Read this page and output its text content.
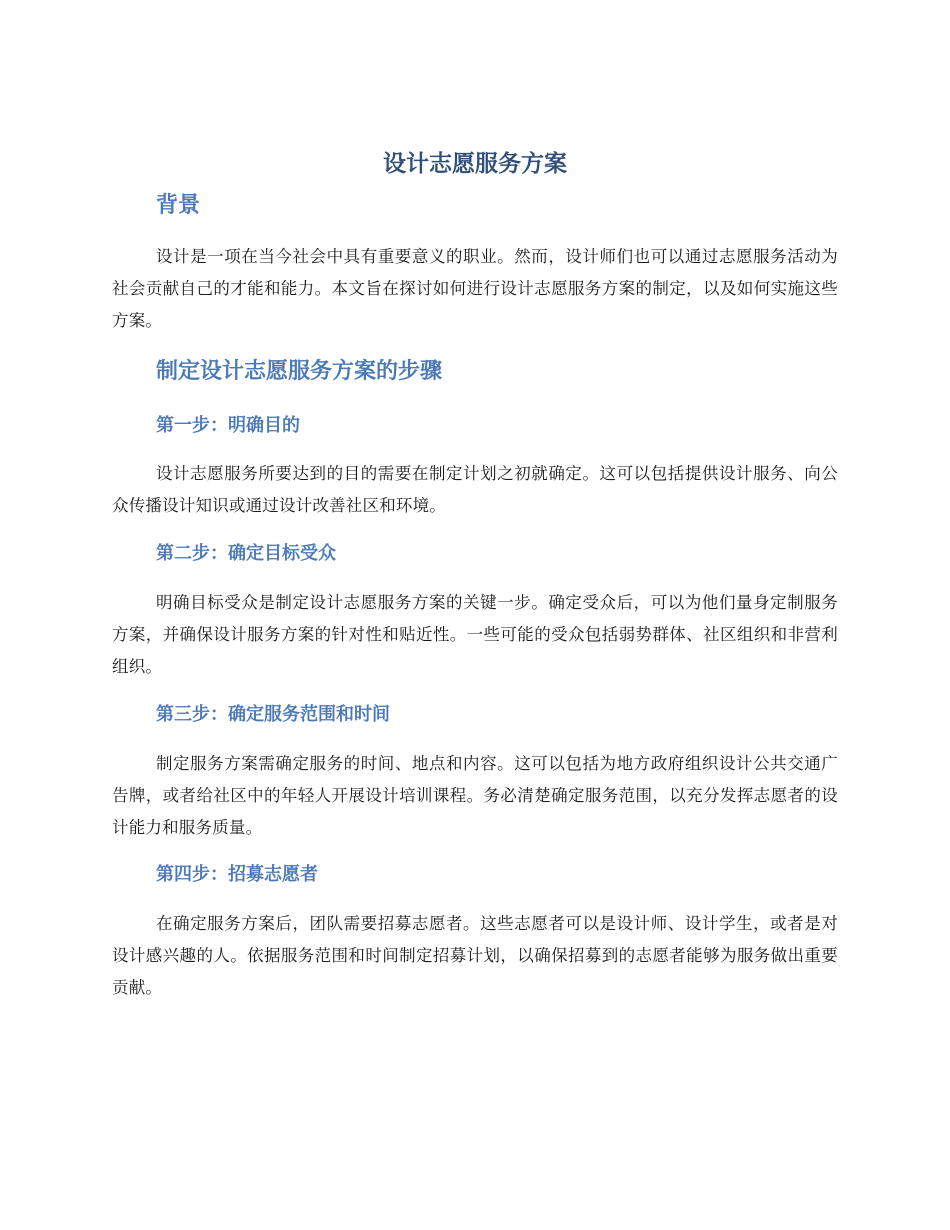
设计志愿服务方案
背景

设计是一项在当今社会中具有重要意义的职业。然而，设计师们也可以通过志愿服务活动为社会贡献自己的才能和能力。本文旨在探讨如何进行设计志愿服务方案的制定，以及如何实施这些方案。

制定设计志愿服务方案的步骤
第一步：明确目的

设计志愿服务所要达到的目的需要在制定计划之初就确定。这可以包括提供设计服务、向公众传播设计知识或通过设计改善社区和环境。

第二步：确定目标受众

明确目标受众是制定设计志愿服务方案的关键一步。确定受众后，可以为他们量身定制服务方案，并确保设计服务方案的针对性和贴近性。一些可能的受众包括弱势群体、社区组织和非营利组织。

第三步：确定服务范围和时间

制定服务方案需确定服务的时间、地点和内容。这可以包括为地方政府组织设计公共交通广告牌，或者给社区中的年轻人开展设计培训课程。务必清楚确定服务范围，以充分发挥志愿者的设计能力和服务质量。

第四步：招募志愿者

在确定服务方案后，团队需要招募志愿者。这些志愿者可以是设计师、设计学生，或者是对设计感兴趣的人。依据服务范围和时间制定招募计划，以确保招募到的志愿者能够为服务做出重要贡献。
